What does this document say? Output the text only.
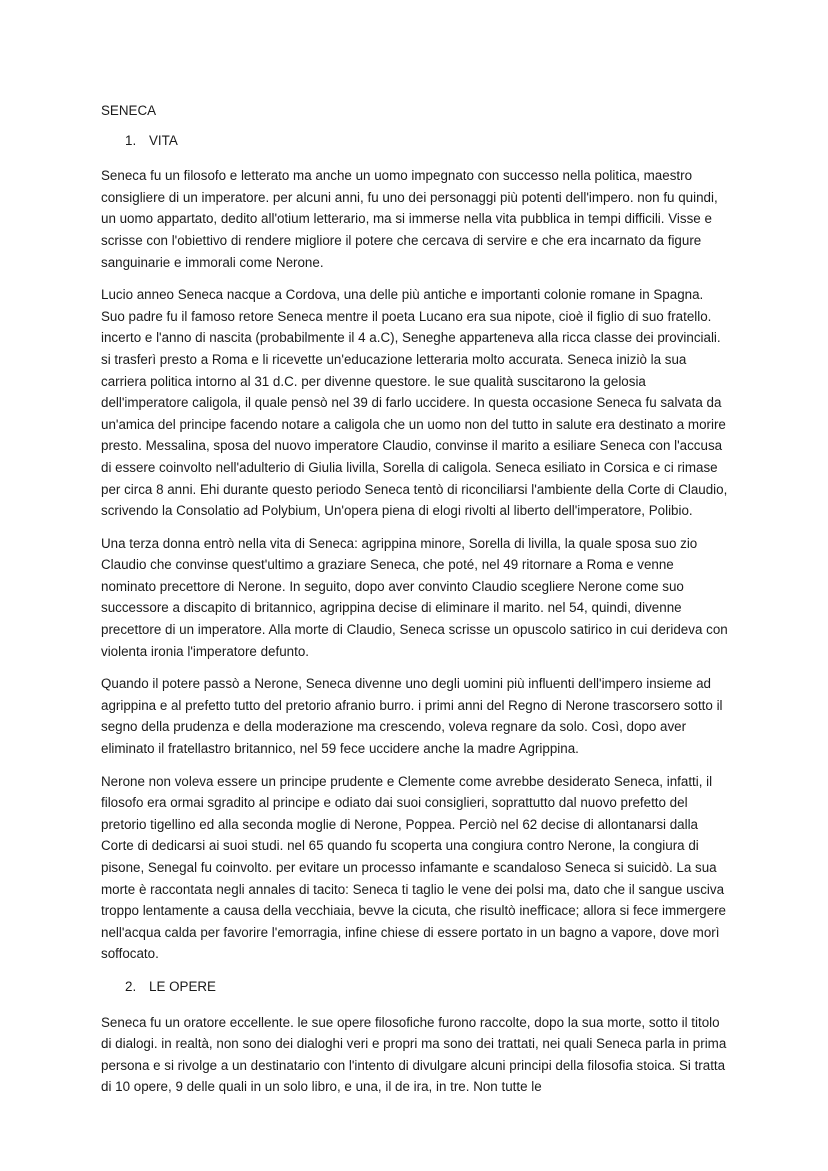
SENECA
1. VITA

Seneca fu un filosofo e letterato ma anche un uomo impegnato con successo nella politica, maestro consigliere di un imperatore. per alcuni anni, fu uno dei personaggi più potenti dell'impero. non fu quindi, un uomo appartato, dedito all'otium letterario, ma si immerse nella vita pubblica in tempi difficili. Visse e scrisse con l'obiettivo di rendere migliore il potere che cercava di servire e che era incarnato da figure sanguinarie e immorali come Nerone.

Lucio anneo Seneca nacque a Cordova, una delle più antiche e importanti colonie romane in Spagna. Suo padre fu il famoso retore Seneca mentre il poeta Lucano era sua nipote, cioè il figlio di suo fratello. incerto e l'anno di nascita (probabilmente il 4 a.C), Seneghe apparteneva alla ricca classe dei provinciali. si trasferì presto a Roma e li ricevette un'educazione letteraria molto accurata. Seneca iniziò la sua carriera politica intorno al 31 d.C. per divenne questore. le sue qualità suscitarono la gelosia dell'imperatore caligola, il quale pensò nel 39 di farlo uccidere. In questa occasione Seneca fu salvata da un'amica del principe facendo notare a caligola che un uomo non del tutto in salute era destinato a morire presto. Messalina, sposa del nuovo imperatore Claudio, convinse il marito a esiliare Seneca con l'accusa di essere coinvolto nell'adulterio di Giulia livilla, Sorella di caligola. Seneca esiliato in Corsica e ci rimase per circa 8 anni. Ehi durante questo periodo Seneca tentò di riconciliarsi l'ambiente della Corte di Claudio, scrivendo la Consolatio ad Polybium, Un'opera piena di elogi rivolti al liberto dell'imperatore, Polibio.

Una terza donna entrò nella vita di Seneca: agrippina minore, Sorella di livilla, la quale sposa suo zio Claudio che convinse quest'ultimo a graziare Seneca, che poté, nel 49 ritornare a Roma e venne nominato precettore di Nerone. In seguito, dopo aver convinto Claudio scegliere Nerone come suo successore a discapito di britannico, agrippina decise di eliminare il marito. nel 54, quindi, divenne precettore di un imperatore. Alla morte di Claudio, Seneca scrisse un opuscolo satirico in cui derideva con violenta ironia l'imperatore defunto.

Quando il potere passò a Nerone, Seneca divenne uno degli uomini più influenti dell'impero insieme ad agrippina e al prefetto tutto del pretorio afranio burro. i primi anni del Regno di Nerone trascorsero sotto il segno della prudenza e della moderazione ma crescendo, voleva regnare da solo. Così, dopo aver eliminato il fratellastro britannico, nel 59 fece uccidere anche la madre Agrippina.

Nerone non voleva essere un principe prudente e Clemente come avrebbe desiderato Seneca, infatti, il filosofo era ormai sgradito al principe e odiato dai suoi consiglieri, soprattutto dal nuovo prefetto del pretorio tigellino ed alla seconda moglie di Nerone, Poppea. Perciò nel 62 decise di allontanarsi dalla Corte di dedicarsi ai suoi studi. nel 65 quando fu scoperta una congiura contro Nerone, la congiura di pisone, Senegal fu coinvolto. per evitare un processo infamante e scandaloso Seneca si suicidò. La sua morte è raccontata negli annales di tacito: Seneca ti taglio le vene dei polsi ma, dato che il sangue usciva troppo lentamente a causa della vecchiaia, bevve la cicuta, che risultò inefficace; allora si fece immergere nell'acqua calda per favorire l'emorragia, infine chiese di essere portato in un bagno a vapore, dove morì soffocato.

2. LE OPERE

Seneca fu un oratore eccellente. le sue opere filosofiche furono raccolte, dopo la sua morte, sotto il titolo di dialogi. in realtà, non sono dei dialoghi veri e propri ma sono dei trattati, nei quali Seneca parla in prima persona e si rivolge a un destinatario con l'intento di divulgare alcuni principi della filosofia stoica. Si tratta di 10 opere, 9 delle quali in un solo libro, e una, il de ira, in tre. Non tutte le
